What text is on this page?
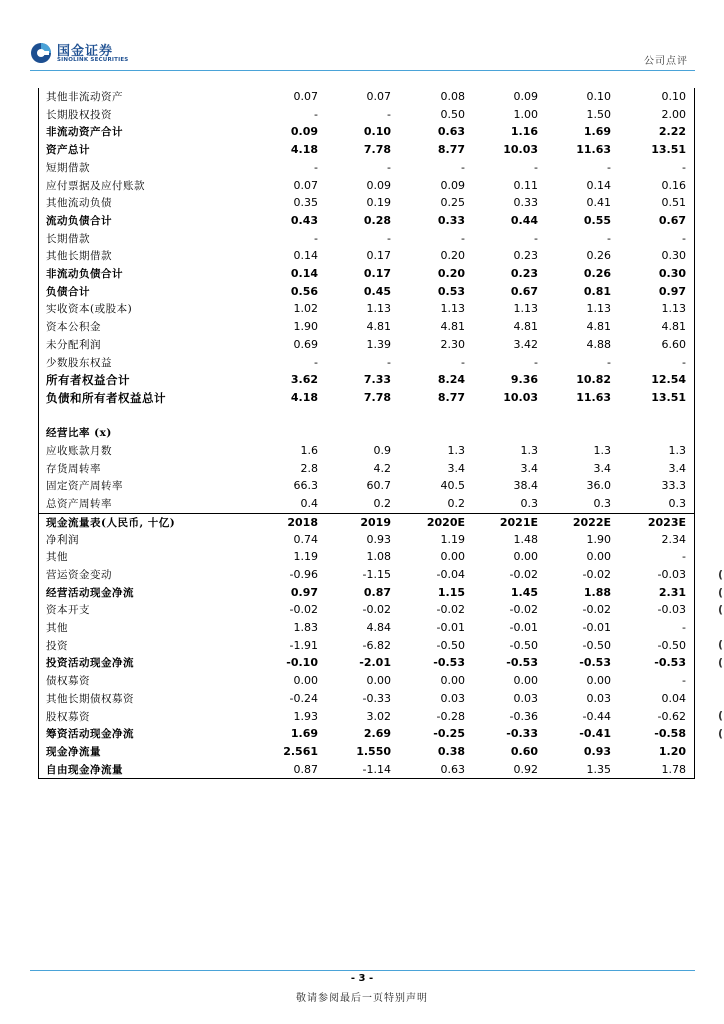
国金证券
SINOLINK SECURITIES	公司点评
其他非流动资产	0.07	0.07	0.08	0.09	0.10	0.10
长期股权投资	-	-	0.50	1.00	1.50	2.00
非流动资产合计	0.09	0.10	0.63	1.16	1.69	2.22
资产总计	4.18	7.78	8.77	10.03	11.63	13.51
短期借款	-	-	-	-	-	-
应付票据及应付账款	0.07	0.09	0.09	0.11	0.14	0.16
其他流动负债	0.35	0.19	0.25	0.33	0.41	0.51
流动负债合计	0.43	0.28	0.33	0.44	0.55	0.67
长期借款	-	-	-	-	-	-
其他长期借款	0.14	0.17	0.20	0.23	0.26	0.30
非流动负债合计	0.14	0.17	0.20	0.23	0.26	0.30
负债合计	0.56	0.45	0.53	0.67	0.81	0.97
实收资本(或股本)	1.02	1.13	1.13	1.13	1.13	1.13
资本公积金	1.90	4.81	4.81	4.81	4.81	4.81
未分配利润	0.69	1.39	2.30	3.42	4.88	6.60
少数股东权益	-	-	-	-	-	-
所有者权益合计	3.62	7.33	8.24	9.36	10.82	12.54
负债和所有者权益总计	4.18	7.78	8.77	10.03	11.63	13.51
经营比率 (x)
应收账款月数	1.6	0.9	1.3	1.3	1.3	1.3
存货周转率	2.8	4.2	3.4	3.4	3.4	3.4
固定资产周转率	66.3	60.7	40.5	38.4	36.0	33.3
总资产周转率	0.4	0.2	0.2	0.3	0.3	0.3
现金流量表(人民币, 十亿)	2018	2019	2020E	2021E	2022E	2023E
净利润	0.74	0.93	1.19	1.48	1.90	2.34
其他	1.19	1.08	0.00	0.00	0.00	-
营运资金变动	-0.96	-1.15	-0.04	-0.02	-0.02	-0.03
经营活动现金净流	0.97	0.87	1.15	1.45	1.88	2.31
资本开支	-0.02	-0.02	-0.02	-0.02	-0.02	-0.03
其他	1.83	4.84	-0.01	-0.01	-0.01	-
投资	-1.91	-6.82	-0.50	-0.50	-0.50	-0.50
投资活动现金净流	-0.10	-2.01	-0.53	-0.53	-0.53	-0.53
债权募资	0.00	0.00	0.00	0.00	0.00	-
其他长期债权募资	-0.24	-0.33	0.03	0.03	0.03	0.04
股权募资	1.93	3.02	-0.28	-0.36	-0.44	-0.62
筹资活动现金净流	1.69	2.69	-0.25	-0.33	-0.41	-0.58
现金净流量	2.561	1.550	0.38	0.60	0.93	1.20
自由现金净流量	0.87	-1.14	0.63	0.92	1.35	1.78
(
(
(
(
(
(
(
- 3 -
敬请参阅最后一页特别声明
